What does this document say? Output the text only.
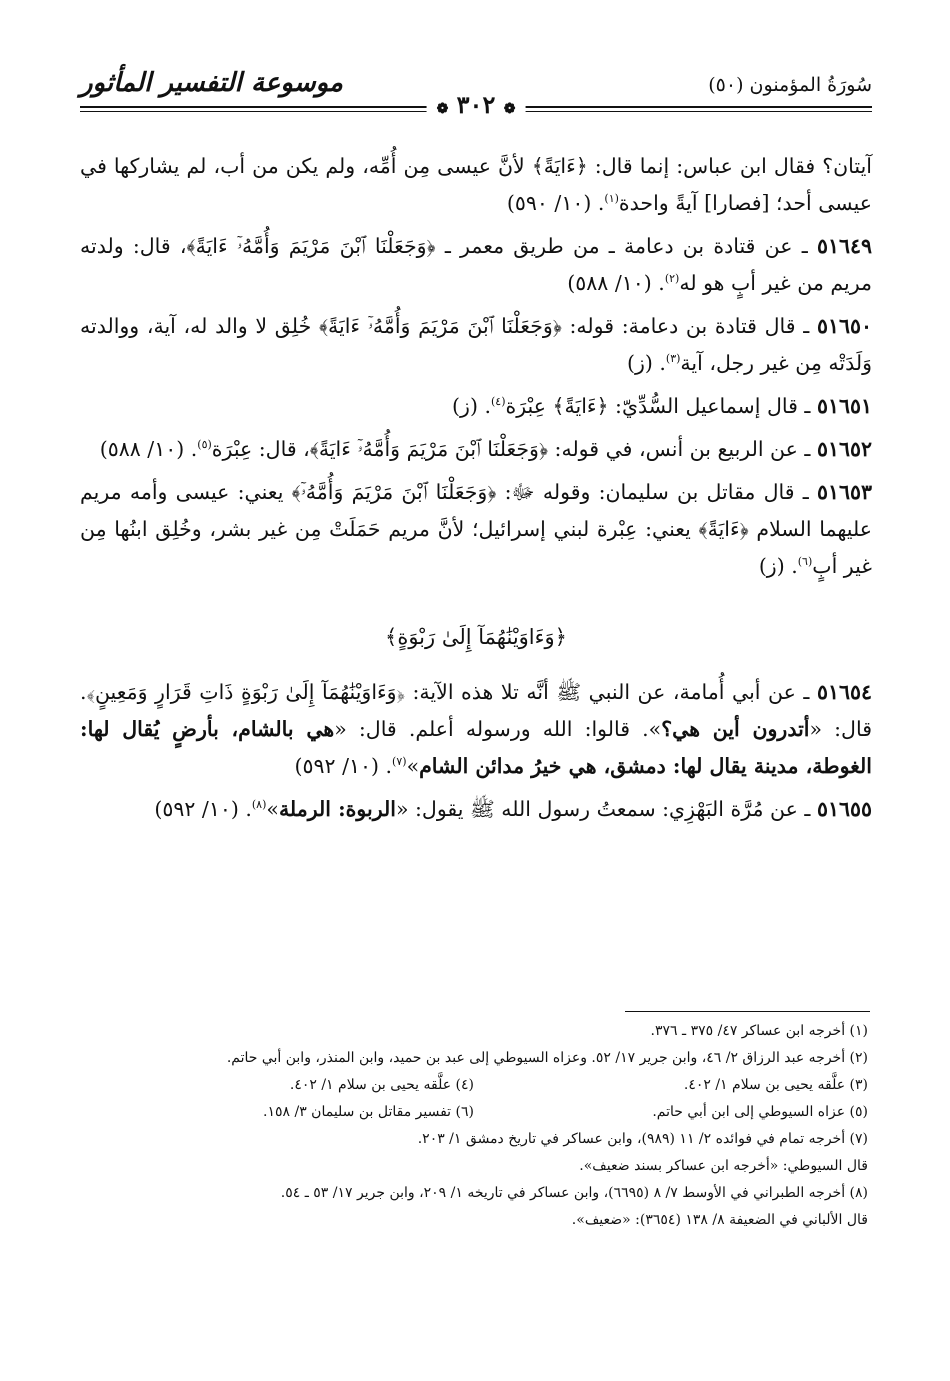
سُورَةُ المؤمنون (٥٠)
موسوعة التفسير المأثور
❁ ٣٠٢ ❁

آيتان؟ فقال ابن عباس: إنما قال: ﴿ءَايَةً﴾ لأنَّ عيسى مِن أُمِّه، ولم يكن من أب، لم يشاركها في عيسى أحد؛ [فصارا] آيةً واحدة$^{(١)}$. (١٠/ ٥٩٠)

٥١٦٤٩ ـ عن قتادة بن دعامة ـ من طريق معمر ـ ﴿وَجَعَلْنَا ٱبْنَ مَرْيَمَ وَأُمَّهُۥٓ ءَايَةً﴾، قال: ولدته مريم من غير أبٍ هو له$^{(٢)}$. (١٠/ ٥٨٨)

٥١٦٥٠ ـ قال قتادة بن دعامة: قوله: ﴿وَجَعَلْنَا ٱبْنَ مَرْيَمَ وَأُمَّهُۥٓ ءَايَةً﴾ خُلِق لا والد له، آية، ووالدته وَلَدَتْه مِن غير رجل، آية$^{(٣)}$. (ز)

٥١٦٥١ ـ قال إسماعيل السُّدِّيّ: ﴿ءَايَةً﴾ عِبْرَة$^{(٤)}$. (ز)

٥١٦٥٢ ـ عن الربيع بن أنس، في قوله: ﴿وَجَعَلْنَا ٱبْنَ مَرْيَمَ وَأُمَّهُۥٓ ءَايَةً﴾، قال: عِبْرَة$^{(٥)}$. (١٠/ ٥٨٨)

٥١٦٥٣ ـ قال مقاتل بن سليمان: وقوله ﷻ: ﴿وَجَعَلْنَا ٱبْنَ مَرْيَمَ وَأُمَّهُۥٓ﴾ يعني: عيسى وأمه مريم عليهما السلام ﴿ءَايَةً﴾ يعني: عِبْرة لبني إسرائيل؛ لأنَّ مريم حَمَلَتْ مِن غير بشر، وخُلِق ابنُها مِن غير أبٍ$^{(٦)}$. (ز)

﴿وَءَاوَيْنَٰهُمَآ إِلَىٰ رَبْوَةٍ﴾

٥١٦٥٤ ـ عن أبي أُمامة، عن النبي ﷺ أنَّه تلا هذه الآية: ﴿وَءَاوَيْنَٰهُمَآ إِلَىٰ رَبْوَةٍ ذَاتِ قَرَارٍ وَمَعِينٍ﴾. قال: «أتدرون أين هي؟». قالوا: الله ورسوله أعلم. قال: «هي بالشام، بأرضٍ يُقال لها: الغوطة، مدينة يقال لها: دمشق، هي خيرُ مدائن الشام»$^{(٧)}$. (١٠/ ٥٩٢)

٥١٦٥٥ ـ عن مُرَّة البَهْزِي: سمعتُ رسول الله ﷺ يقول: «الربوة: الرملة»$^{(٨)}$. (١٠/ ٥٩٢)

(١) أخرجه ابن عساكر ٤٧/ ٣٧٥ ـ ٣٧٦.

(٢) أخرجه عبد الرزاق ٢/ ٤٦، وابن جرير ١٧/ ٥٢. وعزاه السيوطي إلى عبد بن حميد، وابن المنذر، وابن أبي حاتم.

(٣) علَّقه يحيى بن سلام ١/ ٤٠٢.

(٤) علَّقه يحيى بن سلام ١/ ٤٠٢.

(٥) عزاه السيوطي إلى ابن أبي حاتم.

(٦) تفسير مقاتل بن سليمان ٣/ ١٥٨.

(٧) أخرجه تمام في فوائده ٢/ ١١ (٩٨٩)، وابن عساكر في تاريخ دمشق ١/ ٢٠٣.

قال السيوطي: «أخرجه ابن عساكر بسند ضعيف».

(٨) أخرجه الطبراني في الأوسط ٧/ ٨ (٦٦٩٥)، وابن عساكر في تاريخه ١/ ٢٠٩، وابن جرير ١٧/ ٥٣ ـ ٥٤.

قال الألباني في الضعيفة ٨/ ١٣٨ (٣٦٥٤): «ضعيف».
